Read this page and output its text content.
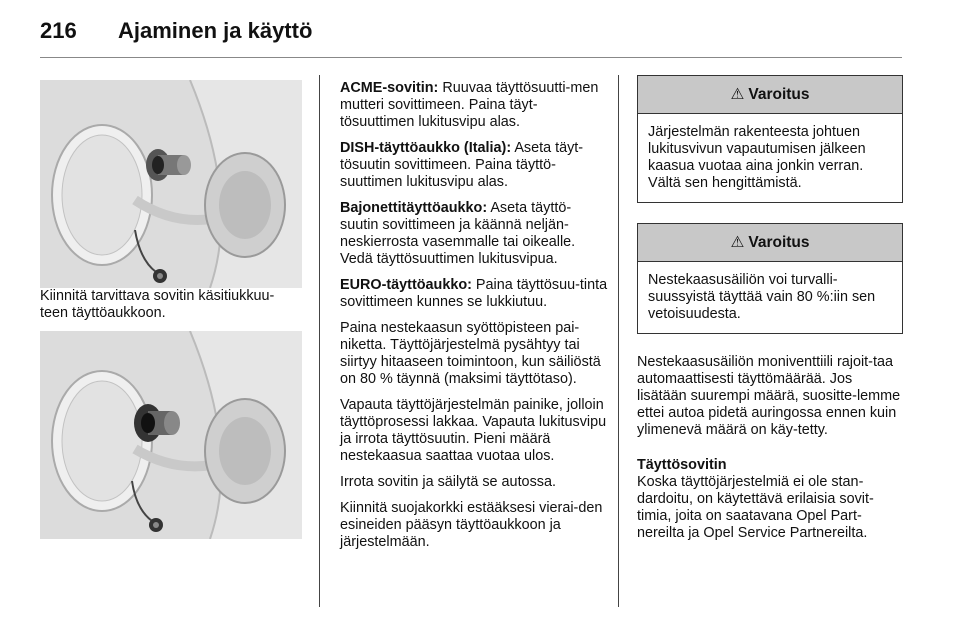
216 Ajaminen ja käyttö

Kiinnitä tarvittava sovitin käsitiukkuu-teen täyttöaukkoon.

ACME-sovitin: Ruuvaa täyttösuutti-men mutteri sovittimeen. Paina täyt-tösuuttimen lukitusvipu alas.

DISH-täyttöaukko (Italia): Aseta täyt-tösuutin sovittimeen. Paina täyttö-suuttimen lukitusvipu alas.

Bajonettitäyttöaukko: Aseta täyttö-suutin sovittimeen ja käännä neljän-neskierrosta vasemmalle tai oikealle. Vedä täyttösuuttimen lukitusvipua.

EURO-täyttöaukko: Paina täyttösuu-tinta sovittimeen kunnes se lukkiutuu.

Paina nestekaasun syöttöpisteen pai-niketta. Täyttöjärjestelmä pysähtyy tai siirtyy hitaaseen toimintoon, kun säiliöstä on 80 % täynnä (maksimi täyttötaso).

Vapauta täyttöjärjestelmän painike, jolloin täyttöprosessi lakkaa. Vapauta lukitusvipu ja irrota täyttösuutin. Pieni määrä nestekaasua saattaa vuotaa ulos.

Irrota sovitin ja säilytä se autossa.

Kiinnitä suojakorkki estääksesi vierai-den esineiden pääsyn täyttöaukkoon ja järjestelmään.

⚠ Varoitus
Järjestelmän rakenteesta johtuen lukitusvivun vapautumisen jälkeen kaasua vuotaa aina jonkin verran. Vältä sen hengittämistä.
⚠ Varoitus
Nestekaasusäiliön voi turvalli-suussyistä täyttää vain 80 %:iin sen vetoisuudesta.

Nestekaasusäiliön moniventtiili rajoit-taa automaattisesti täyttömäärää. Jos lisätään suurempi määrä, suositte-lemme ettei autoa pidetä auringossa ennen kuin ylimenevä määrä on käy-tetty.

Täyttösovitin
Koska täyttöjärjestelmiä ei ole stan-dardoitu, on käytettävä erilaisia sovit-timia, joita on saatavana Opel Part-nereilta ja Opel Service Partnereilta.
